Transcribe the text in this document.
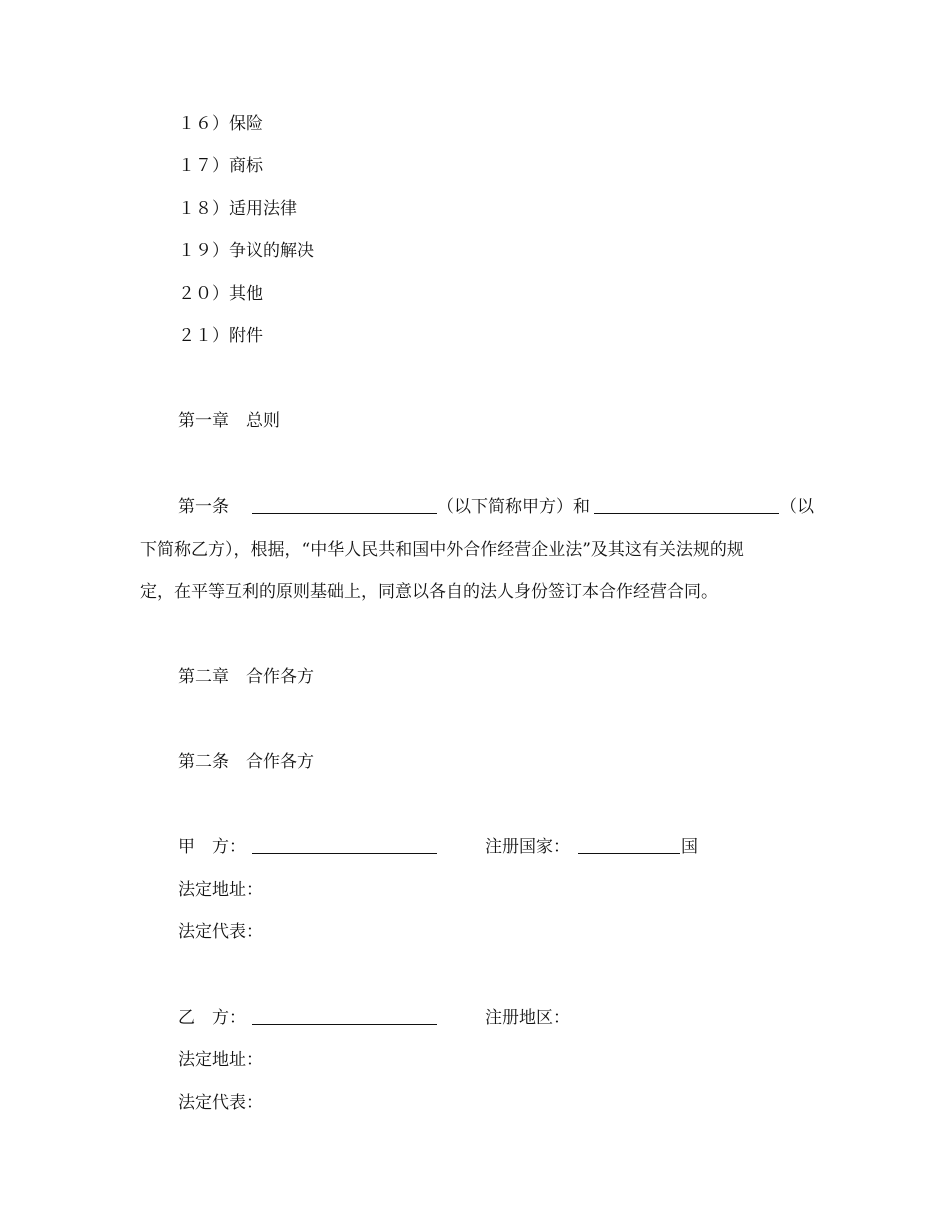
１６）保险
１７）商标
１８）适用法律
１９）争议的解决
２０）其他
２１）附件
第一章　总则
第一条	（以下简称甲方）和	（以
下简称乙方），根据，“中华人民共和国中外合作经营企业法”及其这有关法规的规
定，在平等互利的原则基础上，同意以各自的法人身份签订本合作经营合同。
第二章　合作各方
第二条　合作各方
甲　方：	注册国家：	国
法定地址：
法定代表：
乙　方：	注册地区：
法定地址：
法定代表：
